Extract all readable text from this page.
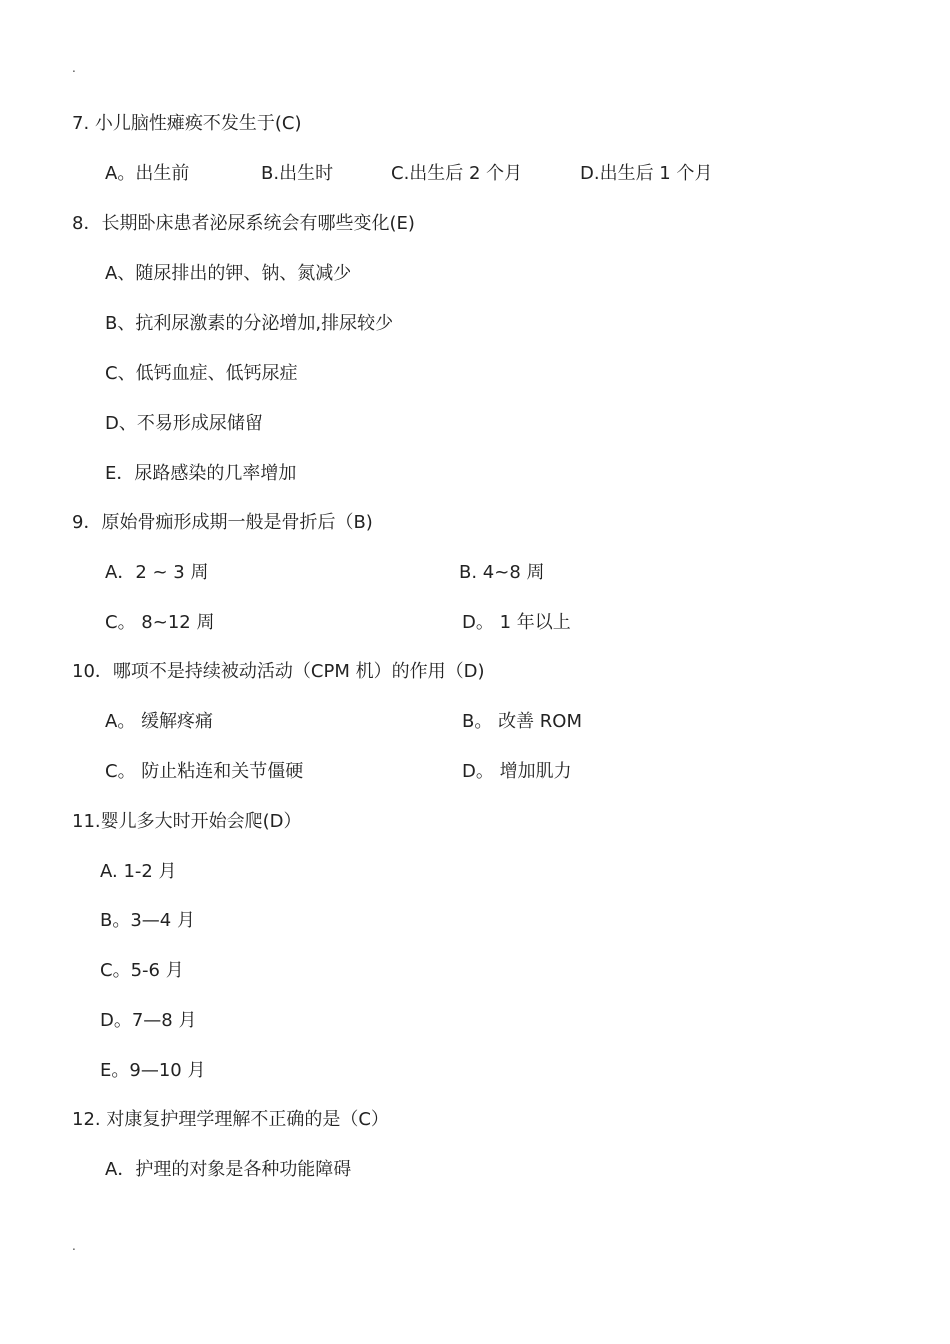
.
7. 小儿脑性瘫痪不发生于(C)
A。出生前	B.出生时	C.出生后 2 个月	D.出生后 1 个月
8．长期卧床患者泌尿系统会有哪些变化(E)
A、随尿排出的钾、钠、氮减少
B、抗利尿激素的分泌增加,排尿较少
C、低钙血症、低钙尿症
D、不易形成尿储留
E．尿路感染的几率增加
9．原始骨痂形成期一般是骨折后（B)
A．2 ~ 3 周	B. 4~8 周
C。 8~12 周	D。 1 年以上
10．哪项不是持续被动活动（CPM 机）的作用（D)
A。 缓解疼痛	B。 改善 ROM
C。 防止粘连和关节僵硬	D。 增加肌力
11.婴儿多大时开始会爬(D）
A. 1-2 月
B。3—4 月
C。5-6 月
D。7—8 月
E。9—10 月
12. 对康复护理学理解不正确的是（C）
A．护理的对象是各种功能障碍
.
